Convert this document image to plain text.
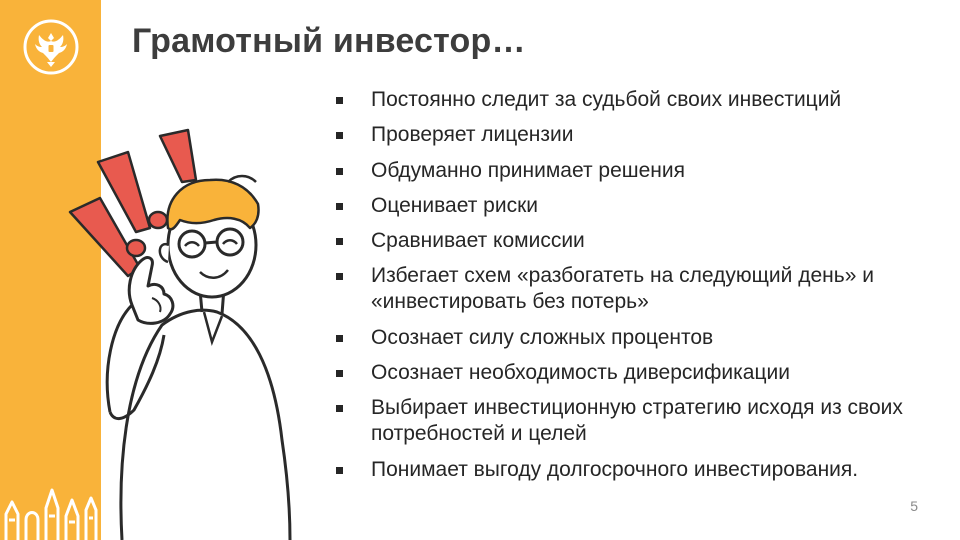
Грамотный инвестор…
Постоянно следит за судьбой своих инвестиций
Проверяет лицензии
Обдуманно принимает решения
Оценивает риски
Сравнивает комиссии
Избегает схем «разбогатеть на следующий день» и «инвестировать без потерь»
Осознает силу сложных процентов
Осознает необходимость диверсификации
Выбирает инвестиционную стратегию исходя из своих потребностей и целей
Понимает выгоду долгосрочного инвестирования.
5
